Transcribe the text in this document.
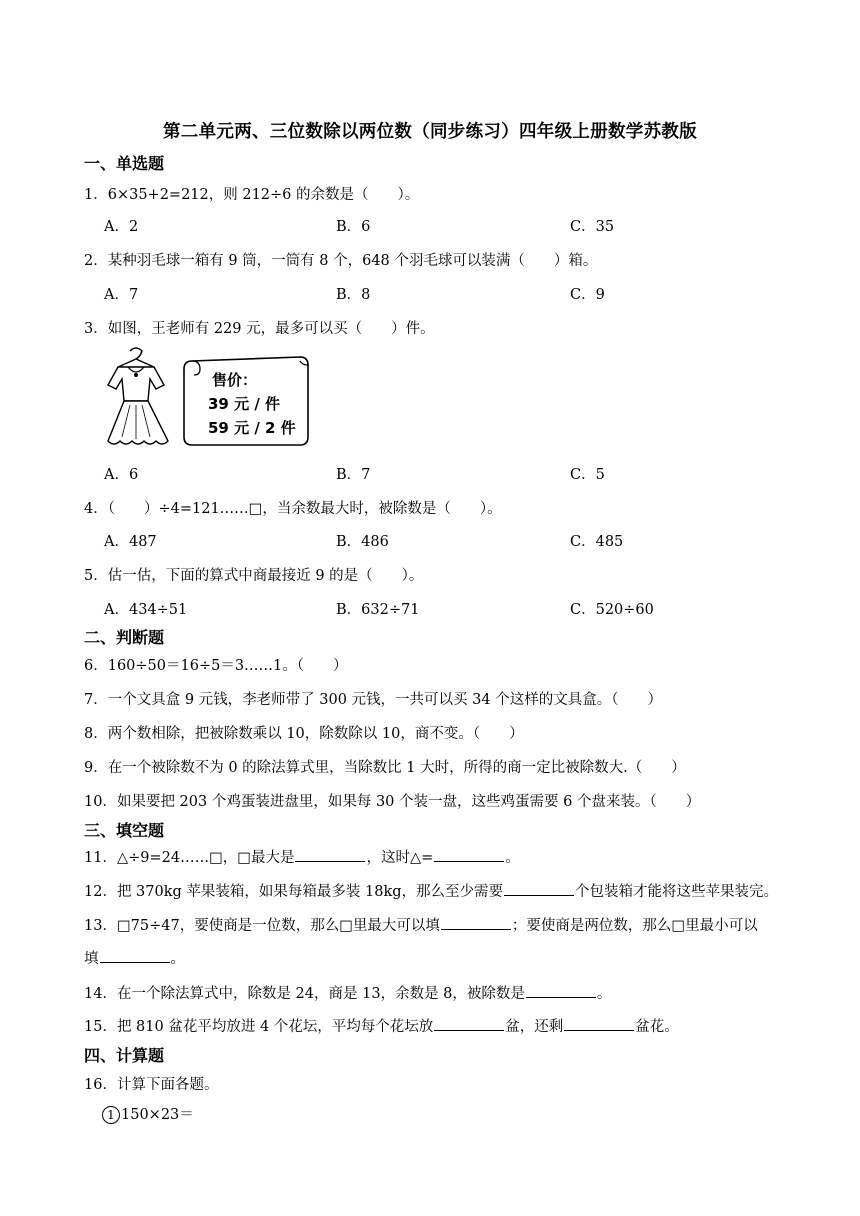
第二单元两、三位数除以两位数（同步练习）四年级上册数学苏教版
一、单选题
1．6×35+2=212，则 212÷6 的余数是（　　）。
A．2	B．6	C．35
2．某种羽毛球一箱有 9 筒，一筒有 8 个，648 个羽毛球可以装满（　　）箱。
A．7	B．8	C．9
3．如图，王老师有 229 元，最多可以买（　　）件。
售价：
39 元 / 件
59 元 / 2 件
A．6	B．7	C．5
4．（　　）÷4=121……□，当余数最大时，被除数是（　　）。
A．487	B．486	C．485
5．估一估，下面的算式中商最接近 9 的是（　　）。
A．434÷51	B．632÷71	C．520÷60
二、判断题
6．160÷50＝16÷5＝3……1。（　　）
7．一个文具盒 9 元钱，李老师带了 300 元钱，一共可以买 34 个这样的文具盒。（　　）
8．两个数相除，把被除数乘以 10，除数除以 10，商不变。（　　）
9．在一个被除数不为 0 的除法算式里，当除数比 1 大时，所得的商一定比被除数大.（　　）
10．如果要把 203 个鸡蛋装进盘里，如果每 30 个装一盘，这些鸡蛋需要 6 个盘来装。（　　）
三、填空题
11．△÷9=24……□，□最大是	，这时△=	。
12．把 370kg 苹果装箱，如果每箱最多装 18kg，那么至少需要	个包装箱才能将这些苹果装完。
13．□75÷47，要使商是一位数，那么□里最大可以填	；要使商是两位数，那么□里最小可以
填	。
14．在一个除法算式中，除数是 24，商是 13，余数是 8，被除数是	。
15．把 810 盆花平均放进 4 个花坛，平均每个花坛放	盆，还剩	盆花。
四、计算题
16．计算下面各题。
1 150×23＝
